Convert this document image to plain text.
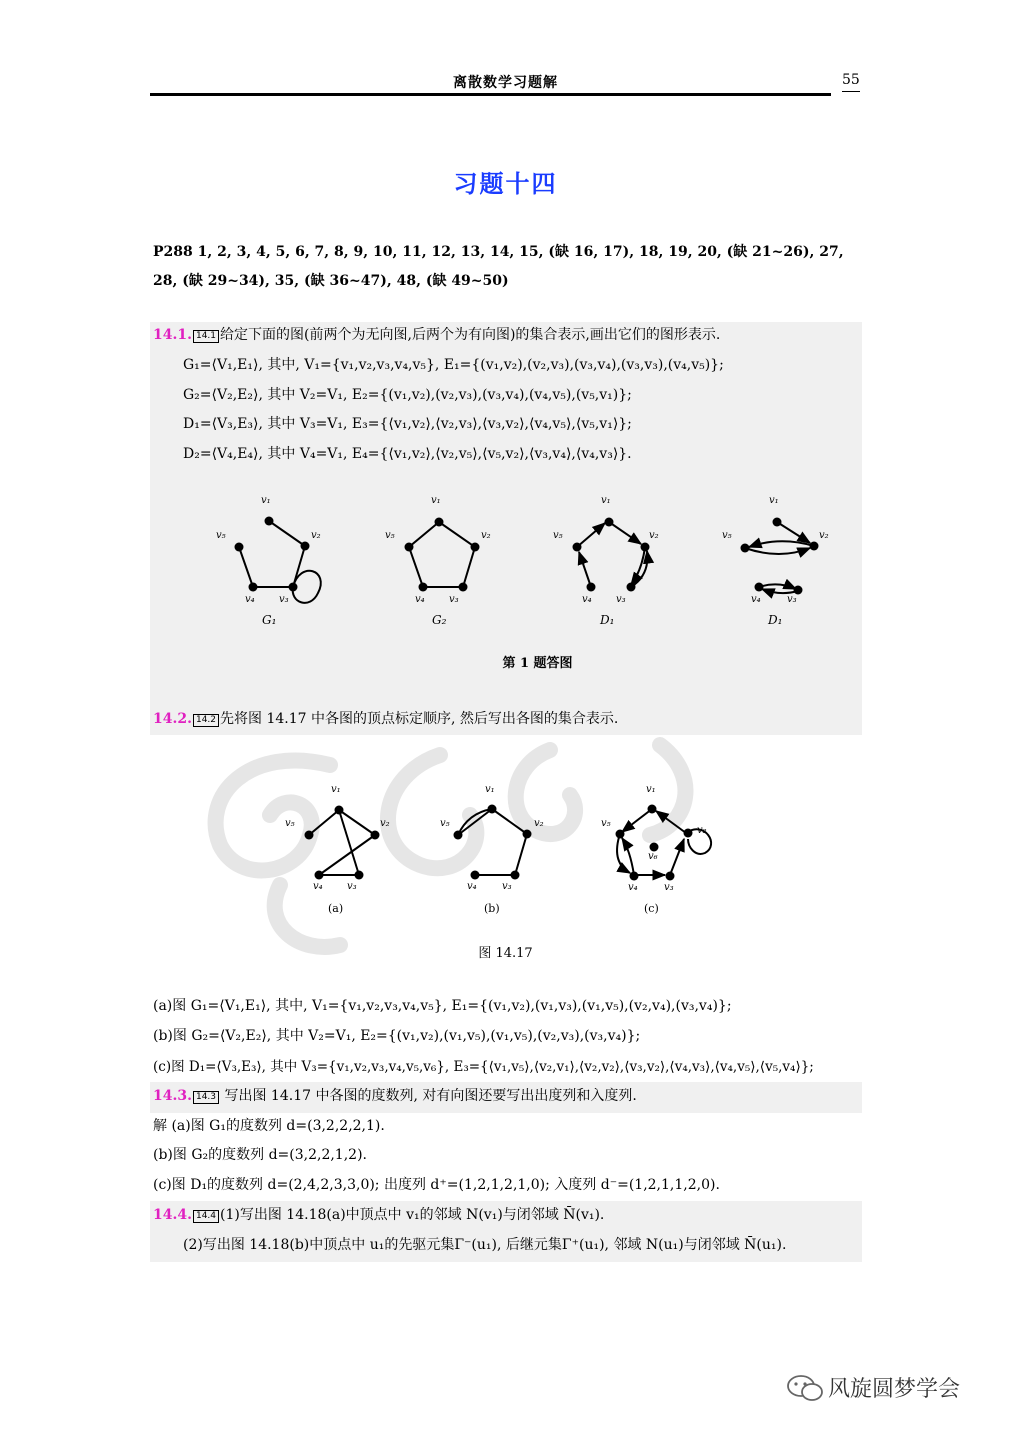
离散数学习题解	55
习题十四
P288 1, 2, 3, 4, 5, 6, 7, 8, 9, 10, 11, 12, 13, 14, 15, (缺 16, 17), 18, 19, 20, (缺 21~26), 27, 28, (缺 29~34), 35, (缺 36~47), 48, (缺 49~50)
14.1. 14.1 给定下面的图(前两个为无向图,后两个为有向图)的集合表示,画出它们的图形表示.
G₁=⟨V₁,E₁⟩, 其中, V₁={v₁,v₂,v₃,v₄,v₅}, E₁={(v₁,v₂),(v₂,v₃),(v₃,v₄),(v₃,v₃),(v₄,v₅)};
G₂=⟨V₂,E₂⟩, 其中 V₂=V₁, E₂={(v₁,v₂),(v₂,v₃),(v₃,v₄),(v₄,v₅),(v₅,v₁)};
D₁=⟨V₃,E₃⟩, 其中 V₃=V₁, E₃={⟨v₁,v₂⟩,⟨v₂,v₃⟩,⟨v₃,v₂⟩,⟨v₄,v₅⟩,⟨v₅,v₁⟩};
D₂=⟨V₄,E₄⟩, 其中 V₄=V₁, E₄={⟨v₁,v₂⟩,⟨v₂,v₅⟩,⟨v₅,v₂⟩,⟨v₃,v₄⟩,⟨v₄,v₃⟩}.
v₁
v₂
v₃
v₄
v₅
G₁
v₁
v₂
v₃
v₄
v₅
G₂
v₁
v₂
v₃
v₄
v₅
D₁
v₁
v₂
v₃
v₄
v₅
D₁
第 1 题答图
14.2. 14.2 先将图 14.17 中各图的顶点标定顺序, 然后写出各图的集合表示.
v₁
v₂
v₃
v₄
v₅
(a)
v₁
v₂
v₃
v₄
v₅
(b)
v₁
v₂
v₃
v₄
v₅
v₆
(c)
图 14.17
(a)图 G₁=⟨V₁,E₁⟩, 其中, V₁={v₁,v₂,v₃,v₄,v₅}, E₁={(v₁,v₂),(v₁,v₃),(v₁,v₅),(v₂,v₄),(v₃,v₄)};
(b)图 G₂=⟨V₂,E₂⟩, 其中 V₂=V₁, E₂={(v₁,v₂),(v₁,v₅),(v₁,v₅),(v₂,v₃),(v₃,v₄)};
(c)图 D₁=⟨V₃,E₃⟩, 其中 V₃={v₁,v₂,v₃,v₄,v₅,v₆}, E₃={⟨v₁,v₅⟩,⟨v₂,v₁⟩,⟨v₂,v₂⟩,⟨v₃,v₂⟩,⟨v₄,v₃⟩,⟨v₄,v₅⟩,⟨v₅,v₄⟩};
14.3. 14.3 写出图 14.17 中各图的度数列, 对有向图还要写出出度列和入度列.
解 (a)图 G₁的度数列 d=(3,2,2,2,1).
(b)图 G₂的度数列 d=(3,2,2,1,2).
(c)图 D₁的度数列 d=(2,4,2,3,3,0); 出度列 d⁺=(1,2,1,2,1,0); 入度列 d⁻=(1,2,1,1,2,0).
14.4. 14.4 (1)写出图 14.18(a)中顶点中 v₁的邻域 N(v₁)与闭邻域 N̄(v₁).
(2)写出图 14.18(b)中顶点中 u₁的先驱元集Γ⁻(u₁), 后继元集Γ⁺(u₁), 邻域 N(u₁)与闭邻域 N̄(u₁).
风旋圆梦学会
